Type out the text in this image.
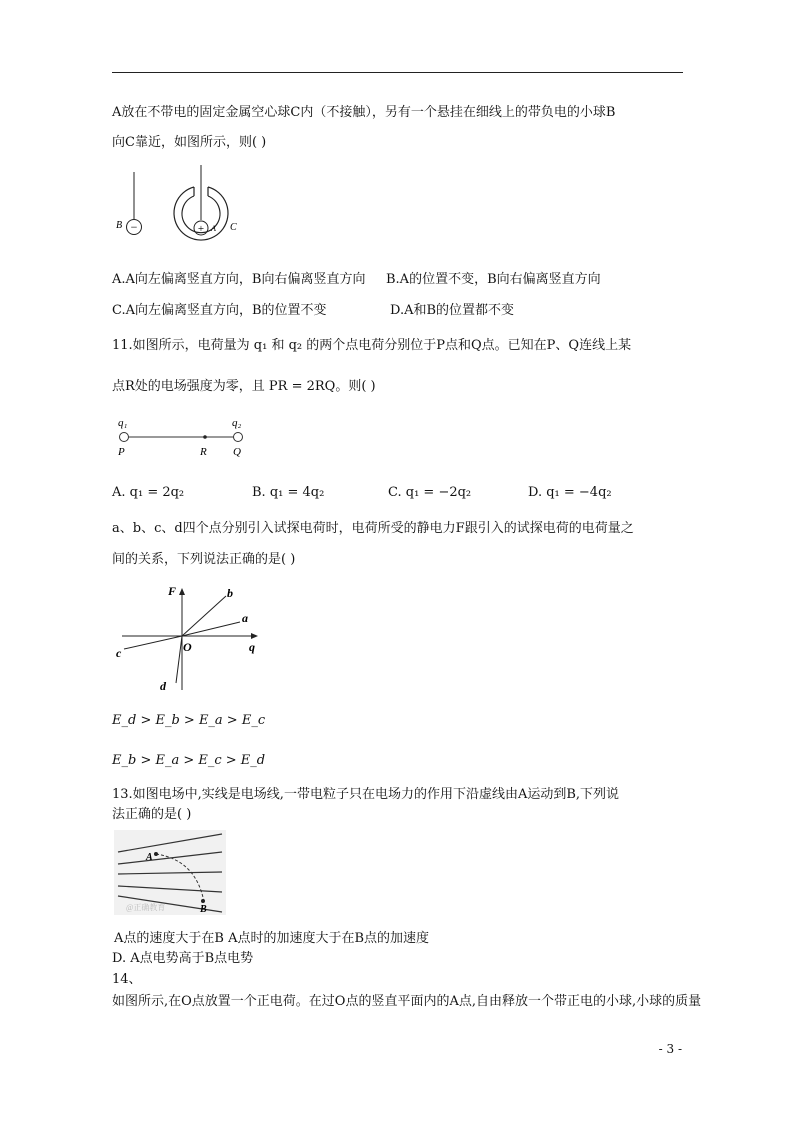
A放在不带电的固定金属空心球C内（不接触），另有一个悬挂在细线上的带负电的小球B
向C靠近，如图所示，则( )
−
B	+ A C
A.A向左偏离竖直方向，B向右偏离竖直方向 B.A的位置不变，B向右偏离竖直方向
C.A向左偏离竖直方向，B的位置不变	D.A和B的位置都不变
11.如图所示，电荷量为 q₁ 和 q₂ 的两个点电荷分别位于P点和Q点。已知在P、Q连线上某
点R处的电场强度为零，且 PR = 2RQ。则( )
q₁	q₂
P	R Q
A. q₁ = 2q₂	B. q₁ = 4q₂	C. q₁ = −2q₂	D. q₁ = −4q₂
a、b、c、d四个点分别引入试探电荷时，电荷所受的静电力F跟引入的试探电荷的电荷量之
间的关系，下列说法正确的是( )
F	b
a
c	O	q
d
E_d > E_b > E_a > E_c
E_b > E_a > E_c > E_d
13.如图电场中,实线是电场线,一带电粒子只在电场力的作用下沿虚线由A运动到B,下列说
法正确的是( )
A
B
@正确教育
A点的速度大于在B A点时的加速度大于在B点的加速度
D. A点电势高于B点电势
14、
如图所示,在O点放置一个正电荷。在过O点的竖直平面内的A点,自由释放一个带正电的小球,小球的质量
- 3 -
